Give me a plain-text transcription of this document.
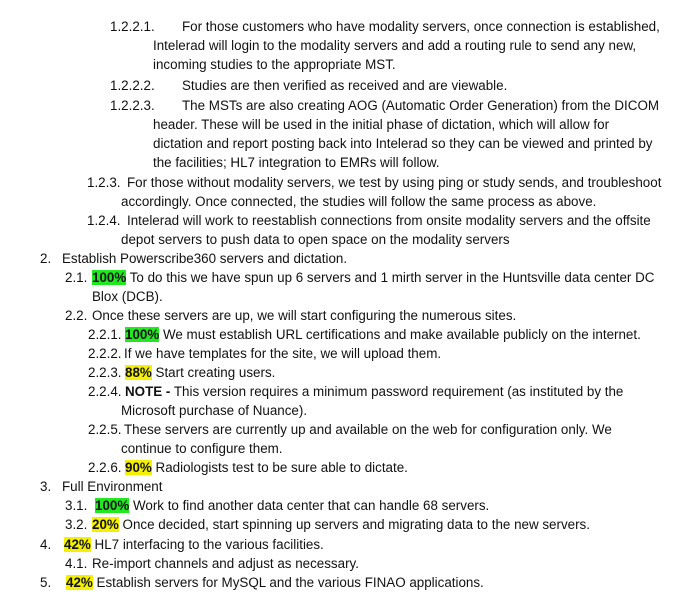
1.2.2.1. For those customers who have modality servers, once connection is established,
Intelerad will login to the modality servers and add a routing rule to send any new,
incoming studies to the appropriate MST.
1.2.2.2. Studies are then verified as received and are viewable.
1.2.2.3. The MSTs are also creating AOG (Automatic Order Generation) from the DICOM
header. These will be used in the initial phase of dictation, which will allow for
dictation and report posting back into Intelerad so they can be viewed and printed by
the facilities; HL7 integration to EMRs will follow.
1.2.3. For those without modality servers, we test by using ping or study sends, and troubleshoot
accordingly. Once connected, the studies will follow the same process as above.
1.2.4. Intelerad will work to reestablish connections from onsite modality servers and the offsite
depot servers to push data to open space on the modality servers
2. Establish Powerscribe360 servers and dictation.
2.1. 100% To do this we have spun up 6 servers and 1 mirth server in the Huntsville data center DC
Blox (DCB).
2.2. Once these servers are up, we will start configuring the numerous sites.
2.2.1. 100% We must establish URL certifications and make available publicly on the internet.
2.2.2. If we have templates for the site, we will upload them.
2.2.3. 88% Start creating users.
2.2.4. NOTE - This version requires a minimum password requirement (as instituted by the
Microsoft purchase of Nuance).
2.2.5. These servers are currently up and available on the web for configuration only. We
continue to configure them.
2.2.6. 90% Radiologists test to be sure able to dictate.
3. Full Environment
3.1. 100% Work to find another data center that can handle 68 servers.
3.2. 20% Once decided, start spinning up servers and migrating data to the new servers.
4. 42% HL7 interfacing to the various facilities.
4.1. Re-import channels and adjust as necessary.
5. 42% Establish servers for MySQL and the various FINAO applications.
